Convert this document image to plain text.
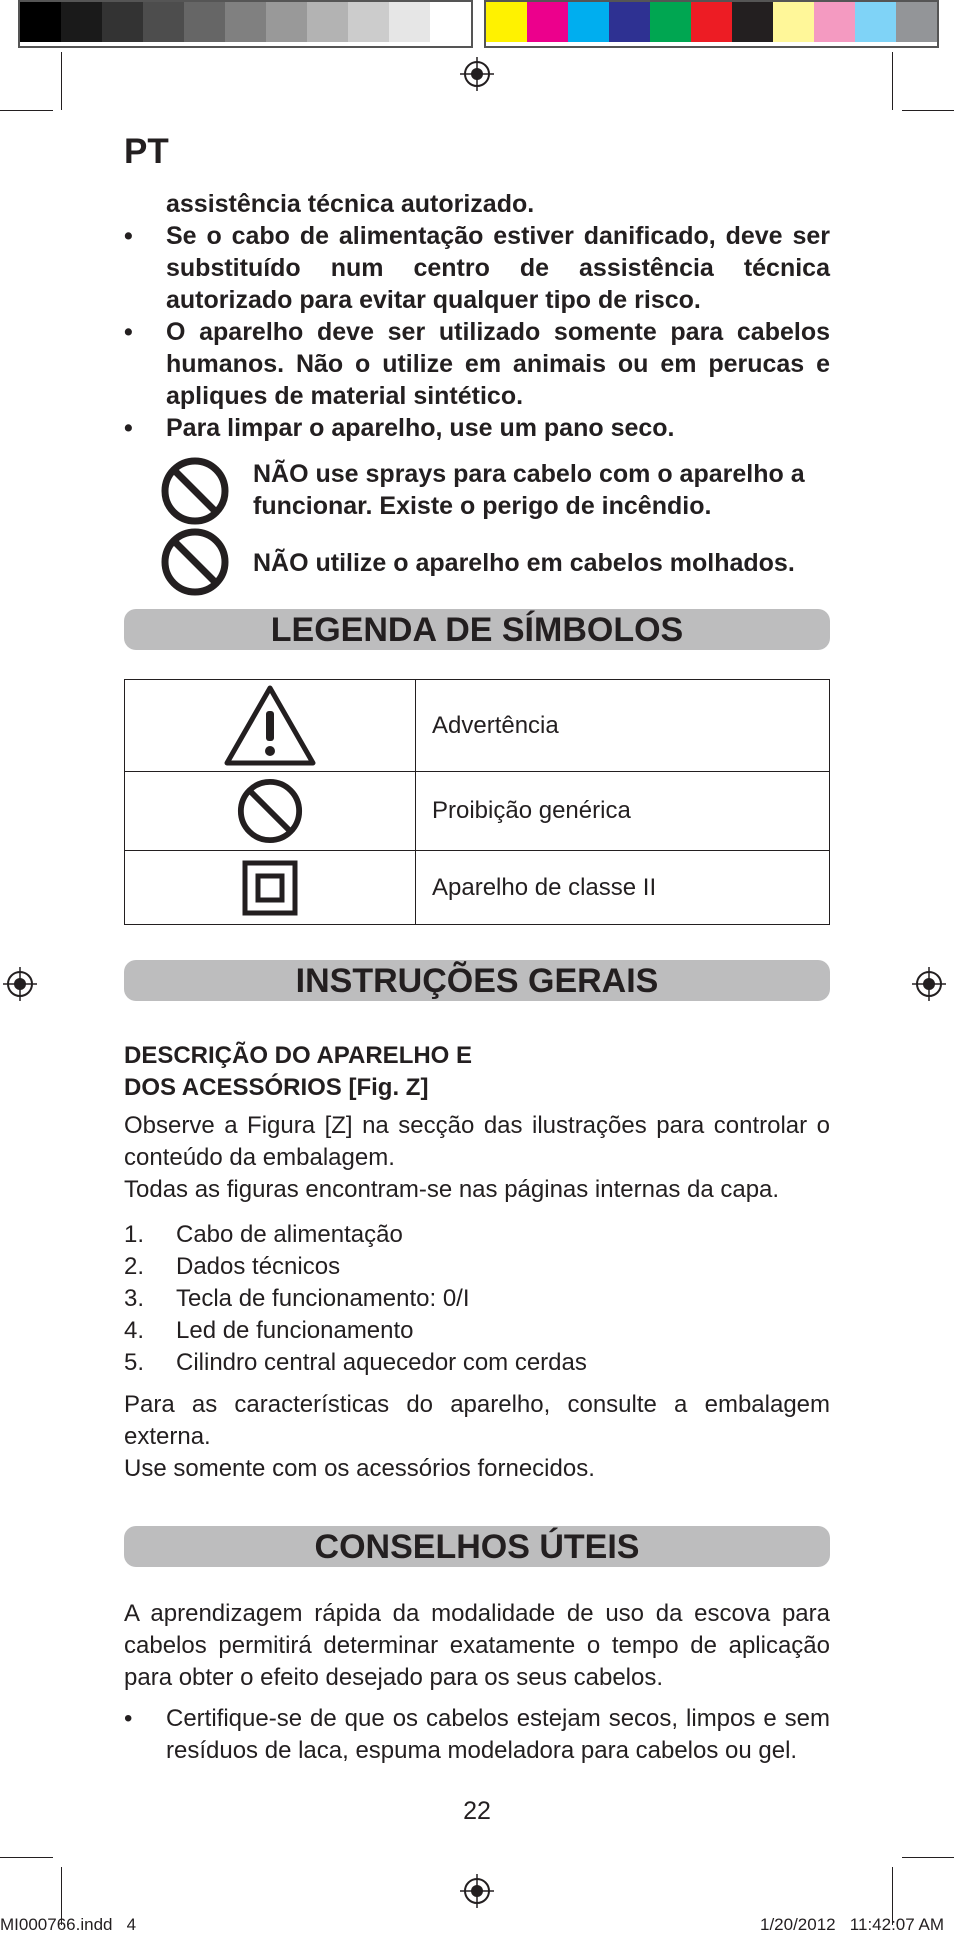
PT
assistência técnica autorizado.
• Se o cabo de alimentação estiver danificado, deve ser substituído num centro de assistência técnica autorizado para evitar qualquer tipo de risco.
• O aparelho deve ser utilizado somente para cabelos humanos. Não o utilize em animais ou em perucas e apliques de material sintético.
• Para limpar o aparelho, use um pano seco.
NÃO use sprays para cabelo com o aparelho a funcionar. Existe o perigo de incêndio.
NÃO utilize o aparelho em cabelos molhados.
LEGENDA DE SÍMBOLOS
	Advertência

	Proibição genérica

	Aparelho de classe II
INSTRUÇÕES GERAIS
DESCRIÇÃO DO APARELHO E
DOS ACESSÓRIOS [Fig. Z]
Observe a Figura [Z] na secção das ilustrações para controlar o conteúdo da embalagem.
Todas as figuras encontram-se nas páginas internas da capa.
1. Cabo de alimentação
2. Dados técnicos
3. Tecla de funcionamento: 0/I
4. Led de funcionamento
5. Cilindro central aquecedor com cerdas
Para as características do aparelho, consulte a embalagem externa.
Use somente com os acessórios fornecidos.
CONSELHOS ÚTEIS
A aprendizagem rápida da modalidade de uso da escova para cabelos permitirá determinar exatamente o tempo de aplicação para obter o efeito desejado para os seus cabelos.
• Certifique-se de que os cabelos estejam secos, limpos e sem resíduos de laca, espuma modeladora para cabelos ou gel.
22
MI000766.indd   4	1/20/2012   11:42:07 AM
